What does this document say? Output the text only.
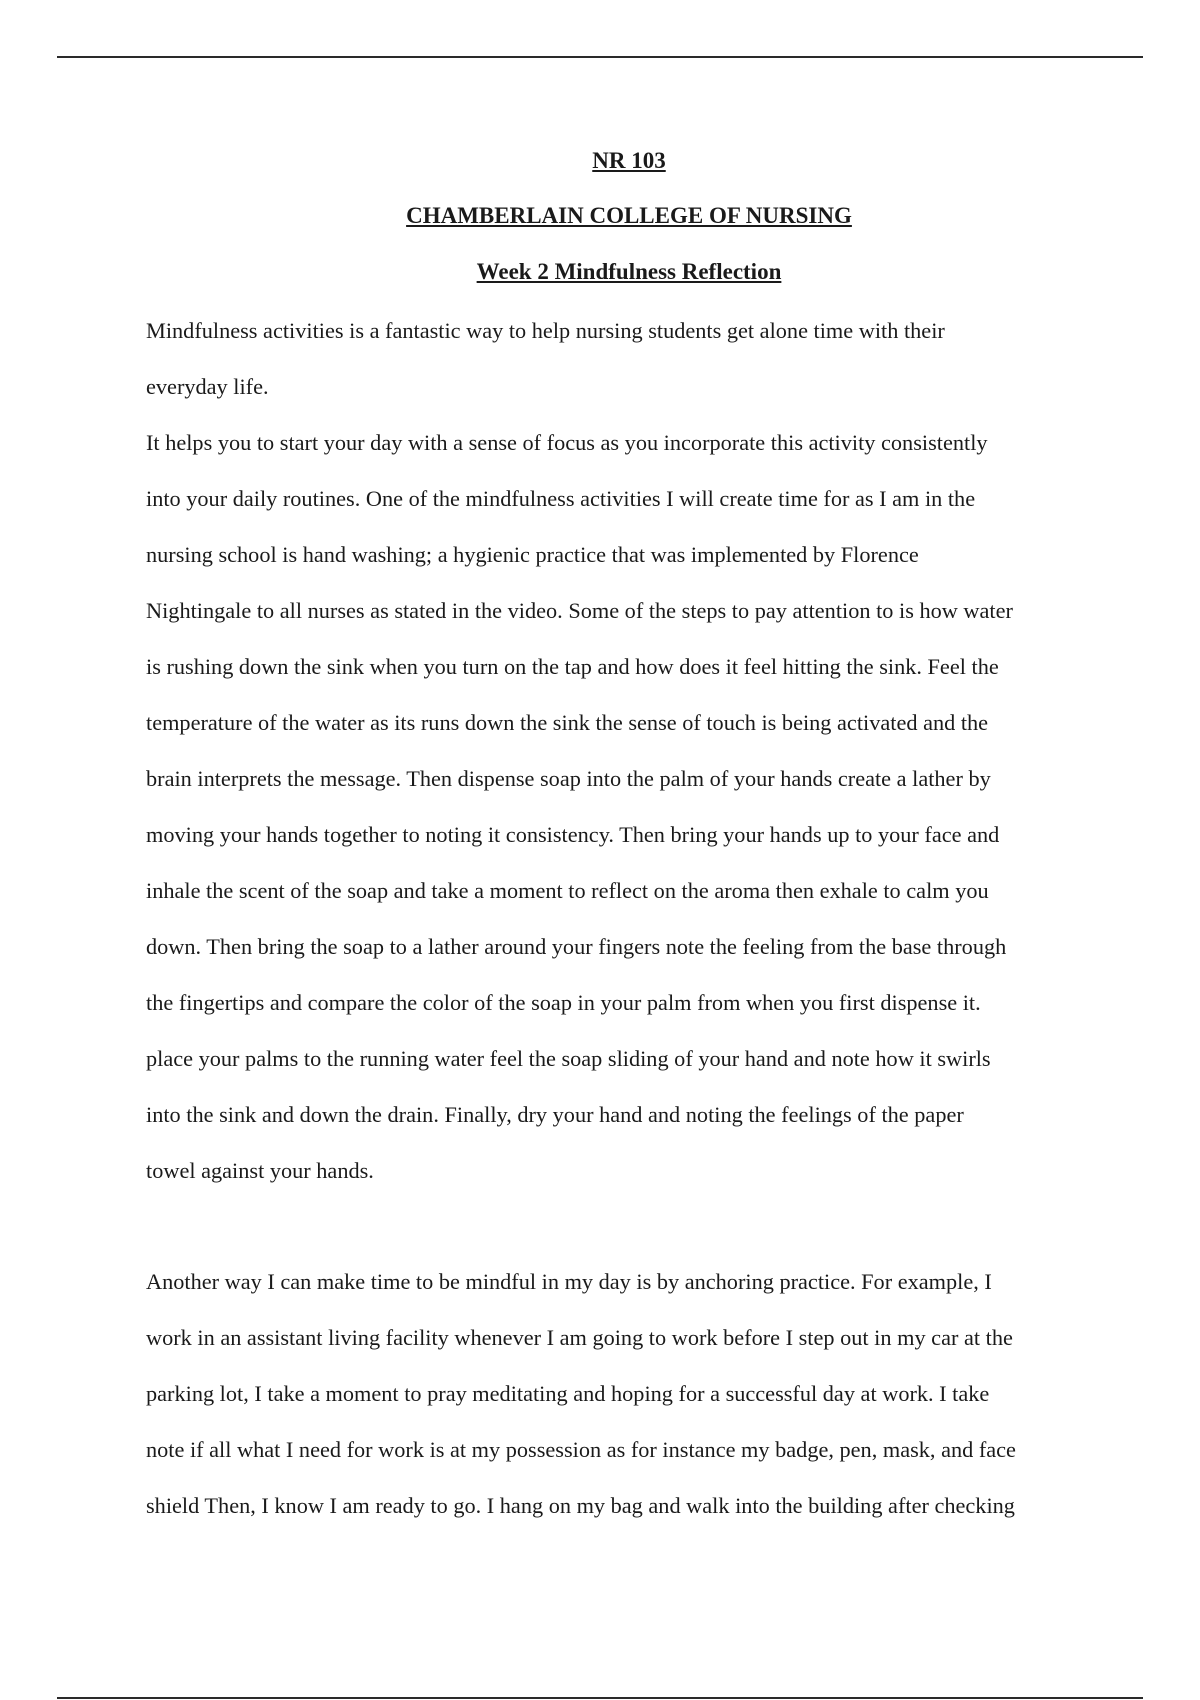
NR 103
CHAMBERLAIN COLLEGE OF NURSING
Week 2 Mindfulness Reflection

Mindfulness activities is a fantastic way to help nursing students get alone time with their
everyday life.

It helps you to start your day with a sense of focus as you incorporate this activity consistently
into your daily routines. One of the mindfulness activities I will create time for as I am in the
nursing school is hand washing; a hygienic practice that was implemented by Florence
Nightingale to all nurses as stated in the video. Some of the steps to pay attention to is how water
is rushing down the sink when you turn on the tap and how does it feel hitting the sink. Feel the
temperature of the water as its runs down the sink the sense of touch is being activated and the
brain interprets the message. Then dispense soap into the palm of your hands create a lather by
moving your hands together to noting it consistency. Then bring your hands up to your face and
inhale the scent of the soap and take a moment to reflect on the aroma then exhale to calm you
down. Then bring the soap to a lather around your fingers note the feeling from the base through
the fingertips and compare the color of the soap in your palm from when you first dispense it.
place your palms to the running water feel the soap sliding of your hand and note how it swirls
into the sink and down the drain. Finally, dry your hand and noting the feelings of the paper
towel against your hands.

Another way I can make time to be mindful in my day is by anchoring practice. For example, I
work in an assistant living facility whenever I am going to work before I step out in my car at the
parking lot, I take a moment to pray meditating and hoping for a successful day at work. I take
note if all what I need for work is at my possession as for instance my badge, pen, mask, and face
shield Then, I know I am ready to go. I hang on my bag and walk into the building after checking
